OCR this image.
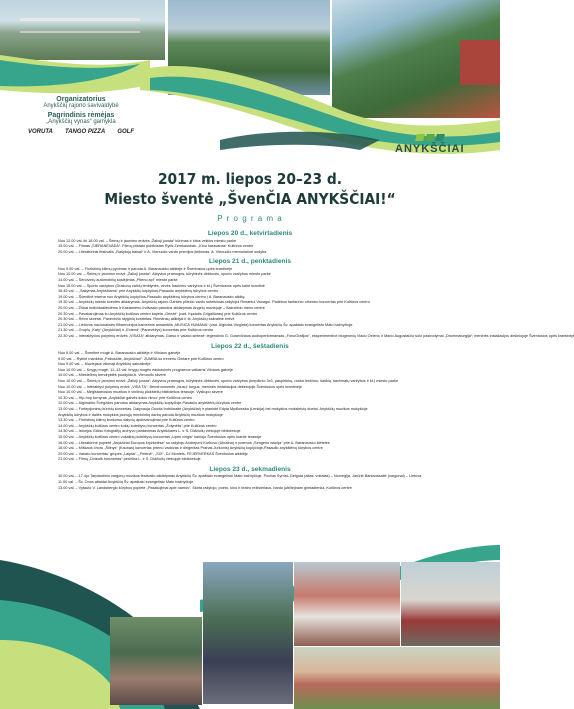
Organizatorius
Anykščių rajono savivaldybė
Pagrindinis rėmėjas
„Anykščių vynas“ gamykla
VORUTA TANGO PIZZA GOLF
ANYKŠČIAI
2017 m. liepos 20–23 d.
Miesto šventė „ŠvenČIA ANYKŠČIAI!“
P r o g r a m a
Liepos 20 d., ketvirtadienis
Nuo 12.00 val. iki 18.00 val. – Šeimų ir jaunimo erdvės „Žalioji juosta“ kūrimas ir kitos veiklos miesto parke
19.00 val. – Filmas „SIERANEVADA“. Filmą pristato publicistas Rytis Zemkauskas. „Kino karavanas“ Kultūros centre
20.00 val. – Literatūrinis festivalis „Rašytojų balsai“ ir A. Vienuolio vardo premijos įteikimas. A. Vienuolio memorialinė sodyba
Liepos 21 d., penktadienis
Nuo 9.00 val. – Floristinių kilimų pynimas ir paroda A. Baranausko aikštėje ir Šventosios upės krantinėje
Nuo 10.00 val. – Šeimų ir jaunimo erdvė „Žalioji juosta“: Aktyvios pramogos, kūrybinės dirbtuvės, sporto varžybos miesto parke
14.00 val. – Senovinių automobilių susiėjimas „Plieno api“ miesto parke
Nuo 15.00 val. – Sporto varžybos (Drakonų valčių lenktynės, virvės traukimo varžybos ir kt.) Šventosios upės kairė krantinė
16.45 val. – „Sakymas Anykščiams“ prie Anykščių koplyčios-Pasaulio anykštėnų kūrybos centro
19.00 val. – Šventinė eisena nuo Anykščių koplyčios-Pasaulio anykštėnų kūrybos centro į A. Baranausko aikštę
19.30 val. – Anykščių miesto šventės atidarymas. Anykščių rajono Garbės piliečio vardo suteikimas rašytojui Rimantui Vanagui. Padėkos fanfarinio orkestro koncertas prie Kultūros centro
20.00 val. – Žiūrai individualiesiems ir Kastamėnu Indivaalo parodos atidarymas Angelų muziejuje – Sakralinio meno centre
20.30 val. – Pavakarojimas su Anykščių kultūros centro kapela „Griežė“ (vad. Kęstutis Grigaliūnas) prie Kultūros centro
20.30 val. – Retro skverai. Panevėžio styginių kvartetas. Romansų atlikėjai ir kt. Anykščių sakralinė erdvė
21.00 val. – Lietuvos nacionalinės filharmonijos kamerinis ansamblis „MUSICA HUMANA“ (vad. Algirdas Vizgirda) koncertas Anykščių Šv. apaštalo evangelisto Mato bažnyčioje
21.30 val. – Grupių „Katy“ (Anykščiai) ir „Extend“ (Panevėžys) koncertas prie Kultūros centro
22.30 val. – Interaktyvios polyrinių erdvės „VISATA“ atidarymas. Garso ir vaizdo sintezė: legendinio G. Gosevičiaus audioperformansas „FonoGrafijos“, eksperimentinė biogeninių Vlado Oeleno ir Mario Augustaičio solo pasirodymai „Drummaturgija“; meninės instaliacijos dešiniojoje Šventosios upės krantinėje
Liepos 22 d., šeštadienis
Nuo 9.00 val. – Šventinė mugė A. Baranausko aikštėje ir Vilniaus gatvėje
9.00 val. – Rytinė mankšta „Pabuskite, Anykščiai!“. ZUMBA su treneriu Gintare prie Kultūros centro
Nuo 9.00 val. – Muziejaus vilionaji Anykščių sakralinėje
Nuo 10.00 val. – Knygų mugė. 11–13 val. knygų mugės edukacinės programos vaikams Vilniaus gatvėje
10.00 val. – Miestelėnų bendrystės puodyliai A. Vienuolio skvere
Nuo 10.00 val. – Šeimų ir jaunimo erdvė „Žalioji juosta“: Aktyvios pramogos, kūrybinės dirbtuvės, sporto varžybos (krepšinio 3x3, paspirtukų, ranka lenkimo, šaškių, šachmatų varžybos ir kt.) miesto parke
Nuo 10.00 val. – Interaktyvi polyrinių erdvė „VISA TA“. Bendruomenės „blusų“ turgus, meninės instaliacijos dešiniojoje Šventosios upės krantinėje
Nuo 10.00 val. – Meģistamosios muzikos ir vinilinių plokštelių bibliotekos terasoje. Vyskupo skvere
10.30 val. – Hip-hop turnyras „Anykščiai gatvės šokio ritmu“ prie Kultūros centro
12.00 val. – Algimanto Švėgždos parodos atidarymas Anykščių koplyčioje-Pasaulio anykštėnų kūrybos centre
13.00 val. – Fortepijoninių kūrinių koncertas. Dalyvauja Guoda Indriūnaitė (Anykščiai) ir pianistė Edyta Mydlowska (Lenkija) bei mokyklos moksleivių duetai. Anykščių muzikos mokykloje
Anykščių kūrybos ir dailės mokyklos jaunųjų menininkų darbų paroda Anykščių muzikos mokykloje
13.30 val. – Floristinių kilimų konkurso dalyvių apdovanojimai prie Kultūros centro
14.00 val. – Anykščių kultūros centro šokių kolektyvų koncertas „Žolynėlis“ prie Kultūros centro
14.30 val. – Istorijos Gičiso fotografijų archyvo pardavimas Anykščiams L. ir S. Didžiulių viešojoje bibliotekoje
15.00 val. – Anykščių kultūros centro vokalinių kolektyvų koncertas „Upės vingis“ kairiojo Šventosios upės krantė terasoje
16.00 val. – Literatūrinė popietė „Anykščiai Europos kryžkelėse“ su rašytoju Andrejumi Kurkovu (Ukraina) ir poemos „Sengeno istorija“ prie A. Baranausko klėtelės
18.00 val. – Miškaus choro „Šilinys“ (Kaunas) koncertas (meno vadovas ir dirigentas Pranas Jurkonis) Anykščių koplyčioje-Pasaulio anykštėnų kūrybos centre
20.00 val. – Vakaro koncertas: grupės „Laiptai“, „Pelenė“, „SIX“, DJ Moniets, FEJERVERKAS Šventosios aikštėje
21.00 val. – Filmų „Dvieulk horizontas“ peržiūra L. ir S. Didžiulių viešojoje bibliotekoje
Liepos 23 d., sekmadienis
10.00 val. – 17-ojo Tarptautinio vargonų muzikos festivalio atidarymas Anykščių Šv. apaštalo evangelisto Mato bažnyčioje. Povilas Syrrist–Gelgota (altas, vokalas) – Norvegija, Jarūnė Barkauskaitė (vargonai) – Lietuva
11.00 val. – Šv. Onos atlaidai Anykščių Šv. apaštalo evangelisto Mato bažnyčioje
13.00 val. – Vytauto V. Landsbergio kūrybos popietė „Pasakojimai apie namus“. Skirta rašytojo, poeto, kino ir teatro režisieriaus, bardo jubiliejinam gimtadieniui. Kultūros centre
